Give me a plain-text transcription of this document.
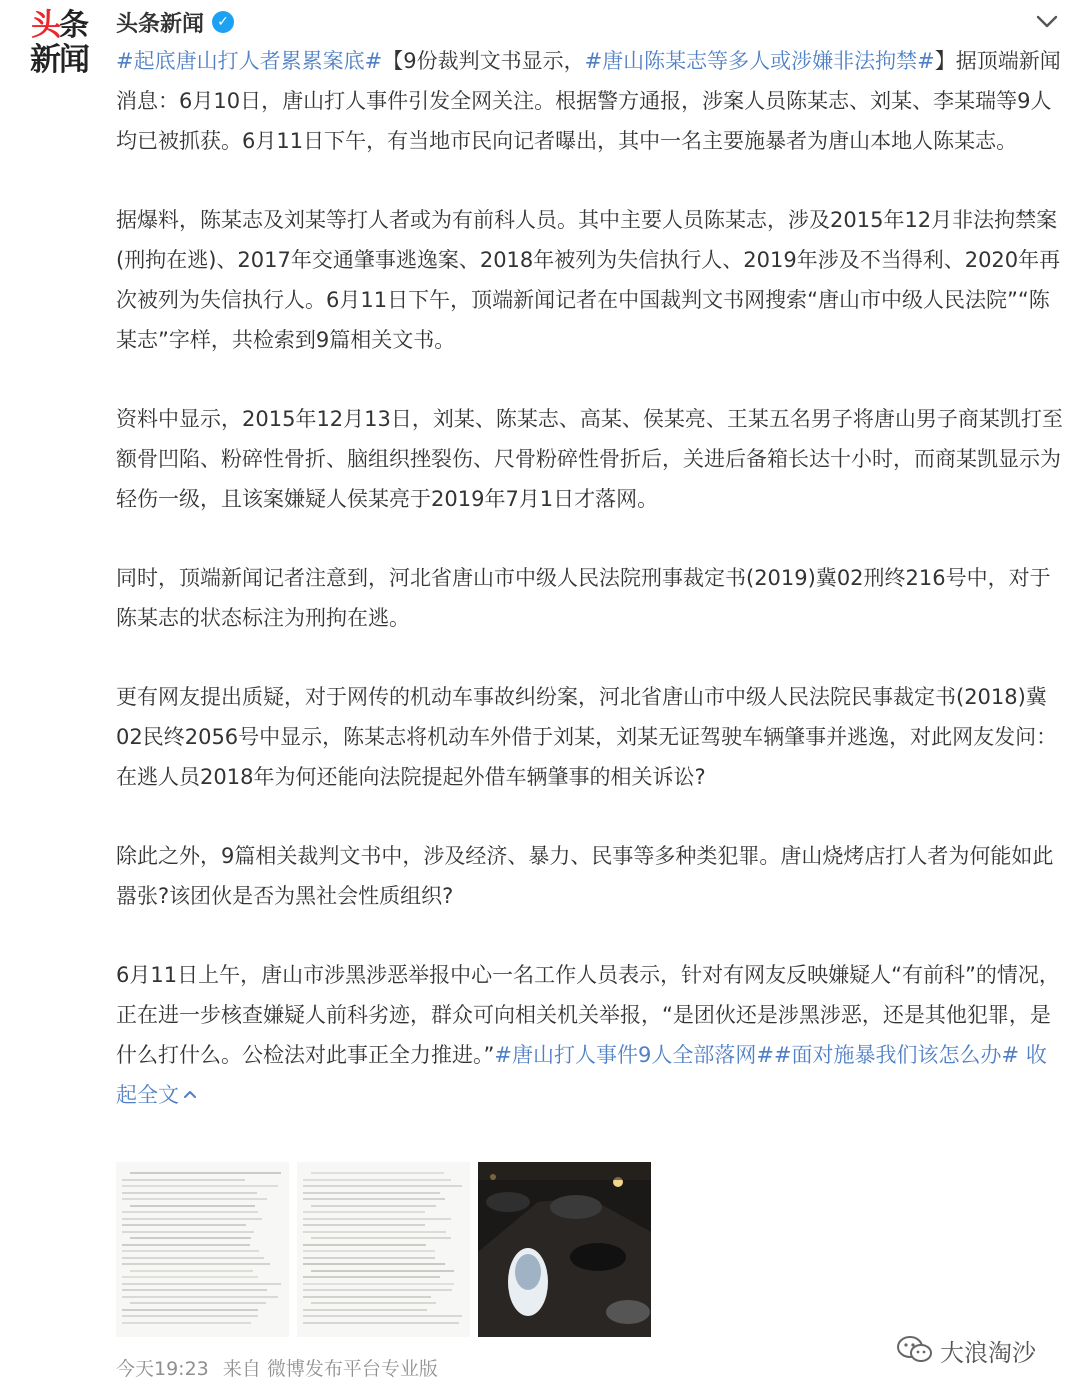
头条
新闻
头条新闻 ✓

#起底唐山打人者累累案底#【9份裁判文书显示，#唐山陈某志等多人或涉嫌非法拘禁#】据顶端新闻消息：6月10日，唐山打人事件引发全网关注。根据警方通报，涉案人员陈某志、刘某、李某瑞等9人均已被抓获。6月11日下午，有当地市民向记者曝出，其中一名主要施暴者为唐山本地人陈某志。

据爆料，陈某志及刘某等打人者或为有前科人员。其中主要人员陈某志，涉及2015年12月非法拘禁案(刑拘在逃)、2017年交通肇事逃逸案、2018年被列为失信执行人、2019年涉及不当得利、2020年再次被列为失信执行人。6月11日下午，顶端新闻记者在中国裁判文书网搜索“唐山市中级人民法院”“陈某志”字样，共检索到9篇相关文书。

资料中显示，2015年12月13日，刘某、陈某志、高某、侯某亮、王某五名男子将唐山男子商某凯打至额骨凹陷、粉碎性骨折、脑组织挫裂伤、尺骨粉碎性骨折后，关进后备箱长达十小时，而商某凯显示为轻伤一级，且该案嫌疑人侯某亮于2019年7月1日才落网。

同时，顶端新闻记者注意到，河北省唐山市中级人民法院刑事裁定书(2019)冀02刑终216号中，对于陈某志的状态标注为刑拘在逃。

更有网友提出质疑，对于网传的机动车事故纠纷案，河北省唐山市中级人民法院民事裁定书(2018)冀02民终2056号中显示，陈某志将机动车外借于刘某，刘某无证驾驶车辆肇事并逃逸，对此网友发问：在逃人员2018年为何还能向法院提起外借车辆肇事的相关诉讼?

除此之外，9篇相关裁判文书中，涉及经济、暴力、民事等多种类犯罪。唐山烧烤店打人者为何能如此嚣张?该团伙是否为黑社会性质组织?

6月11日上午，唐山市涉黑涉恶举报中心一名工作人员表示，针对有网友反映嫌疑人“有前科”的情况，正在进一步核查嫌疑人前科劣迹，群众可向相关机关举报，“是团伙还是涉黑涉恶，还是其他犯罪，是什么打什么。公检法对此事正全力推进。”#唐山打人事件9人全部落网##面对施暴我们该怎么办# 收起全文

今天19:23 来自 微博发布平台专业版
大浪淘沙
